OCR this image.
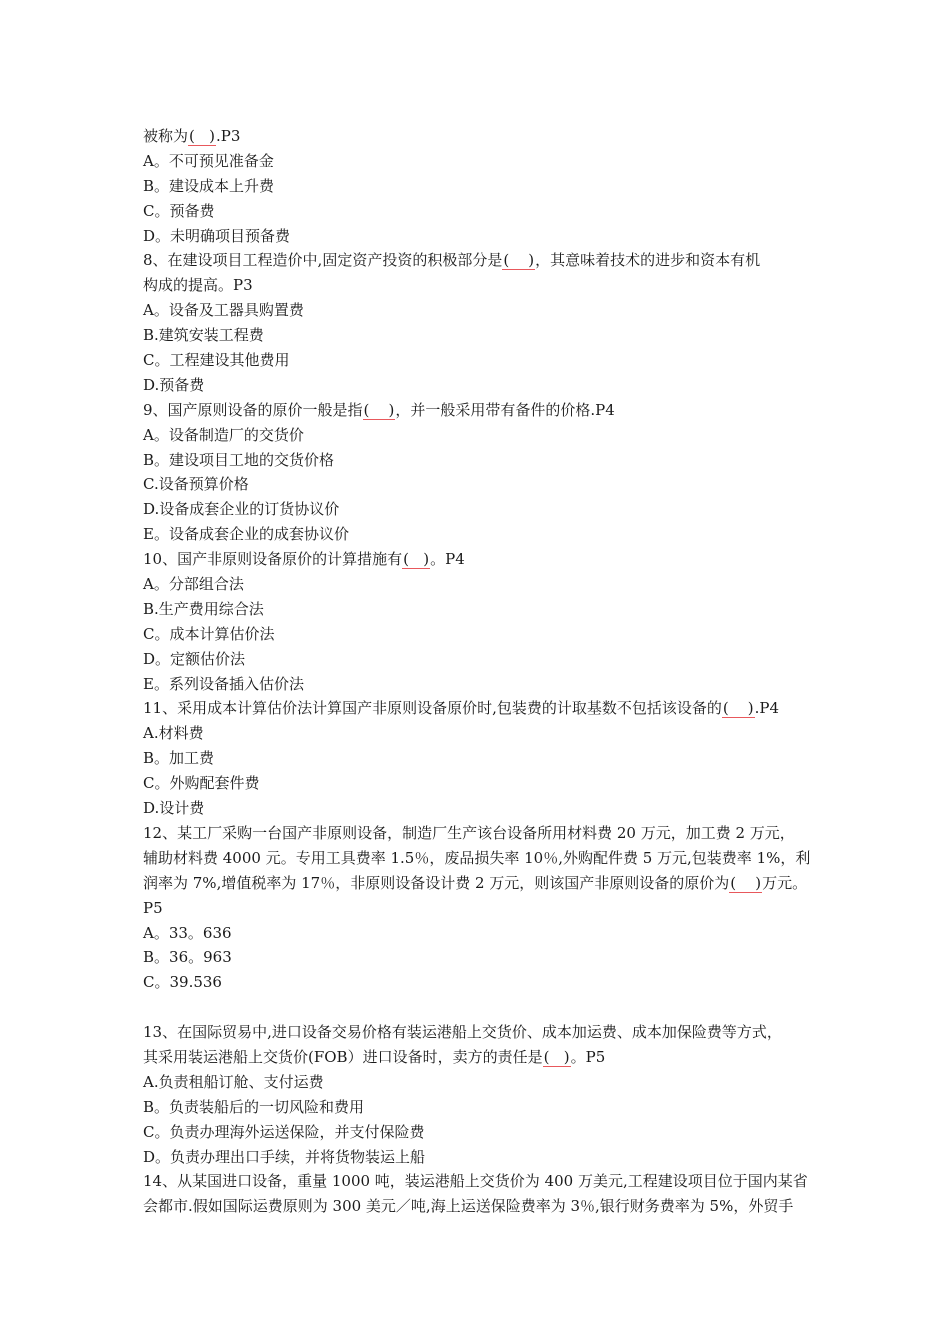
被称为(   ).P3
A。不可预见准备金
B。建设成本上升费
C。预备费
D。未明确项目预备费
8、在建设项目工程造价中,固定资产投资的积极部分是(    )，其意味着技术的进步和资本有机
构成的提高。P3
A。设备及工器具购置费
B.建筑安装工程费
C。工程建设其他费用
D.预备费
9、国产原则设备的原价一般是指(    )，并一般采用带有备件的价格.P4
A。设备制造厂的交货价
B。建设项目工地的交货价格
C.设备预算价格
D.设备成套企业的订货协议价
E。设备成套企业的成套协议价
10、国产非原则设备原价的计算措施有(   )。P4
A。分部组合法
B.生产费用综合法
C。成本计算估价法
D。定额估价法
E。系列设备插入估价法
11、采用成本计算估价法计算国产非原则设备原价时,包装费的计取基数不包括该设备的(    ).P4
A.材料费
B。加工费
C。外购配套件费
D.设计费
12、某工厂采购一台国产非原则设备，制造厂生产该台设备所用材料费 20 万元，加工费 2 万元，
辅助材料费 4000 元。专用工具费率 1.5％，废品损失率 10％,外购配件费 5 万元,包装费率 1%，利
润率为 7%,增值税率为 17％，非原则设备设计费 2 万元，则该国产非原则设备的原价为(    )万元。
P5
A。33。636
B。36。963
C。39.536
13、在国际贸易中,进口设备交易价格有装运港船上交货价、成本加运费、成本加保险费等方式，
其采用装运港船上交货价(FOB）进口设备时，卖方的责任是(   )。P5
A.负责租船订舱、支付运费
B。负责装船后的一切风险和费用
C。负责办理海外运送保险，并支付保险费
D。负责办理出口手续，并将货物装运上船
14、从某国进口设备，重量 1000 吨，装运港船上交货价为 400 万美元,工程建设项目位于国内某省
会都市.假如国际运费原则为 300 美元／吨,海上运送保险费率为 3％,银行财务费率为 5%，外贸手
